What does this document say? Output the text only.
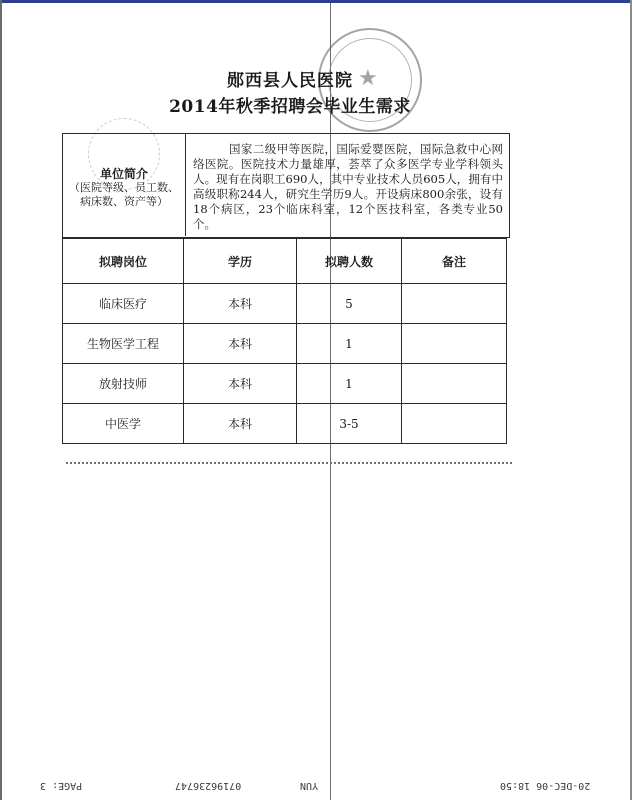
★
郧西县人民医院
2014年秋季招聘会毕业生需求
单位简介
（医院等级、员工数、病床数、资产等）
国家二级甲等医院，国际爱婴医院，国际急救中心网络医院。医院技术力量雄厚，荟萃了众多医学专业学科领头人。现有在岗职工690人，其中专业技术人员605人，拥有中高级职称244人，研究生学历9人。开设病床800余张，设有18个病区，23个临床科室，12个医技科室，各类专业50个。
拟聘岗位	学历	拟聘人数	备注
临床医疗	本科	5	
生物医学工程	本科	1	
放射技师	本科	1	
中医学	本科	3-5	
20-DEC-06 18:50
YUN
07196236747
PAGE: 3
